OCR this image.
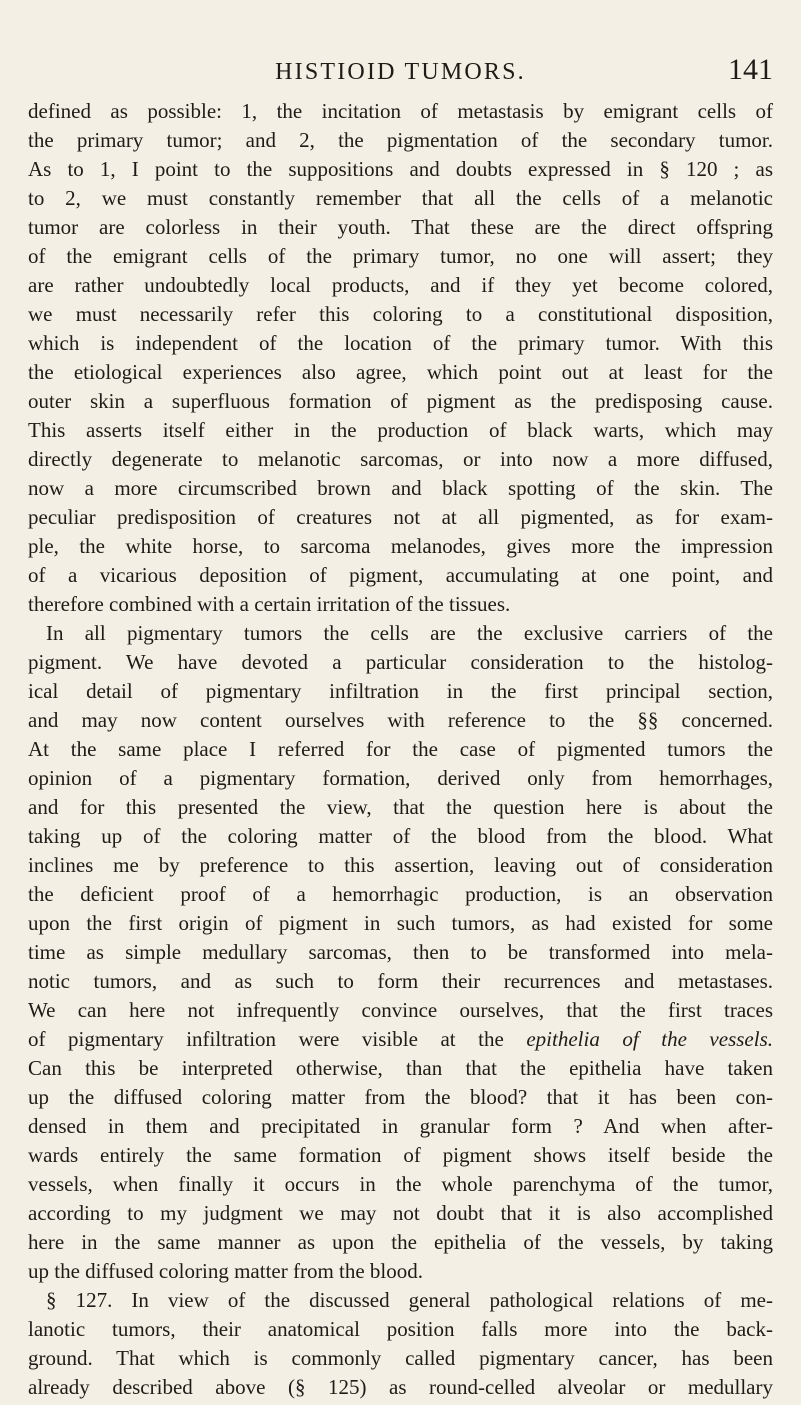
HISTIOID TUMORS.	141
defined as possible: 1, the incitation of metastasis by emigrant cells of
the primary tumor; and 2, the pigmentation of the secondary tumor.
As to 1, I point to the suppositions and doubts expressed in § 120 ; as
to 2, we must constantly remember that all the cells of a melanotic
tumor are colorless in their youth. That these are the direct offspring
of the emigrant cells of the primary tumor, no one will assert; they
are rather undoubtedly local products, and if they yet become colored,
we must necessarily refer this coloring to a constitutional disposition,
which is independent of the location of the primary tumor. With this
the etiological experiences also agree, which point out at least for the
outer skin a superfluous formation of pigment as the predisposing cause.
This asserts itself either in the production of black warts, which may
directly degenerate to melanotic sarcomas, or into now a more diffused,
now a more circumscribed brown and black spotting of the skin. The
peculiar predisposition of creatures not at all pigmented, as for exam-
ple, the white horse, to sarcoma melanodes, gives more the impression
of a vicarious deposition of pigment, accumulating at one point, and
therefore combined with a certain irritation of the tissues.
In all pigmentary tumors the cells are the exclusive carriers of the
pigment. We have devoted a particular consideration to the histolog-
ical detail of pigmentary infiltration in the first principal section,
and may now content ourselves with reference to the §§ concerned.
At the same place I referred for the case of pigmented tumors the
opinion of a pigmentary formation, derived only from hemorrhages,
and for this presented the view, that the question here is about the
taking up of the coloring matter of the blood from the blood. What
inclines me by preference to this assertion, leaving out of consideration
the deficient proof of a hemorrhagic production, is an observation
upon the first origin of pigment in such tumors, as had existed for some
time as simple medullary sarcomas, then to be transformed into mela-
notic tumors, and as such to form their recurrences and metastases.
We can here not infrequently convince ourselves, that the first traces
of pigmentary infiltration were visible at the epithelia of the vessels.
Can this be interpreted otherwise, than that the epithelia have taken
up the diffused coloring matter from the blood? that it has been con-
densed in them and precipitated in granular form ? And when after-
wards entirely the same formation of pigment shows itself beside the
vessels, when finally it occurs in the whole parenchyma of the tumor,
according to my judgment we may not doubt that it is also accomplished
here in the same manner as upon the epithelia of the vessels, by taking
up the diffused coloring matter from the blood.
§ 127. In view of the discussed general pathological relations of me-
lanotic tumors, their anatomical position falls more into the back-
ground. That which is commonly called pigmentary cancer, has been
already described above (§ 125) as round-celled alveolar or medullary
